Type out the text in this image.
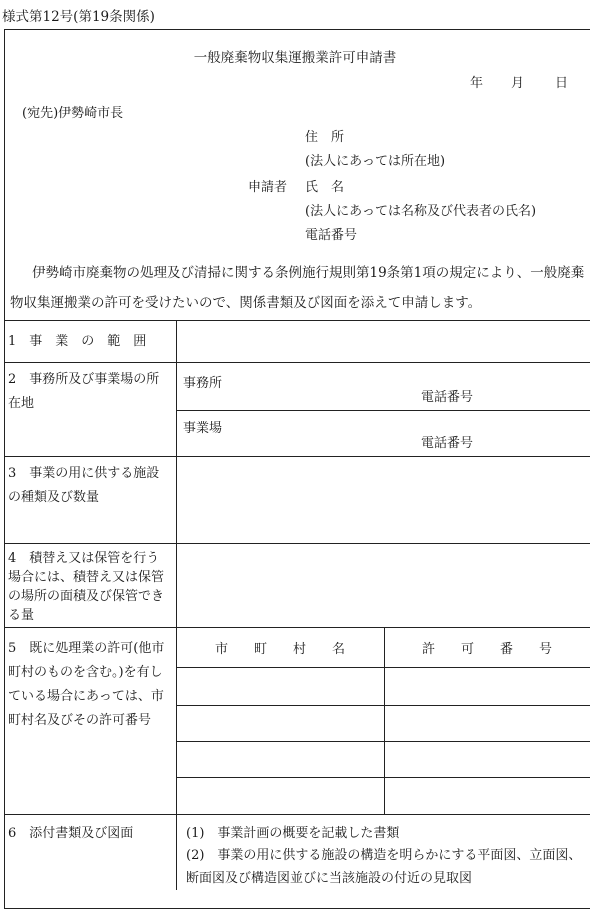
様式第12号(第19条関係)
一般廃棄物収集運搬業許可申請書
年 月 日
(宛先)伊勢崎市長
住　所
(法人にあっては所在地)
申請者 氏　名
(法人にあっては名称及び代表者の氏名)
電話番号
伊勢崎市廃棄物の処理及び清掃に関する条例施行規則第19条第1項の規定により、一般廃棄物収集運搬業の許可を受けたいので、関係書類及び図面を添えて申請します。
1　事　業　の　範　囲
2　事務所及び事業場の所在地
事務所
電話番号
事業場
電話番号
3　事業の用に供する施設の種類及び数量
4　積替え又は保管を行う場合には、積替え又は保管の場所の面積及び保管できる量
5　既に処理業の許可(他市町村のものを含む。)を有している場合にあっては、市町村名及びその許可番号
市　　町　　村　　名	許　　可　　番　　号
6　添付書類及び図面	(1)　事業計画の概要を記載した書類
(2)　事業の用に供する施設の構造を明らかにする平面図、立面図、断面図及び構造図並びに当該施設の付近の見取図
